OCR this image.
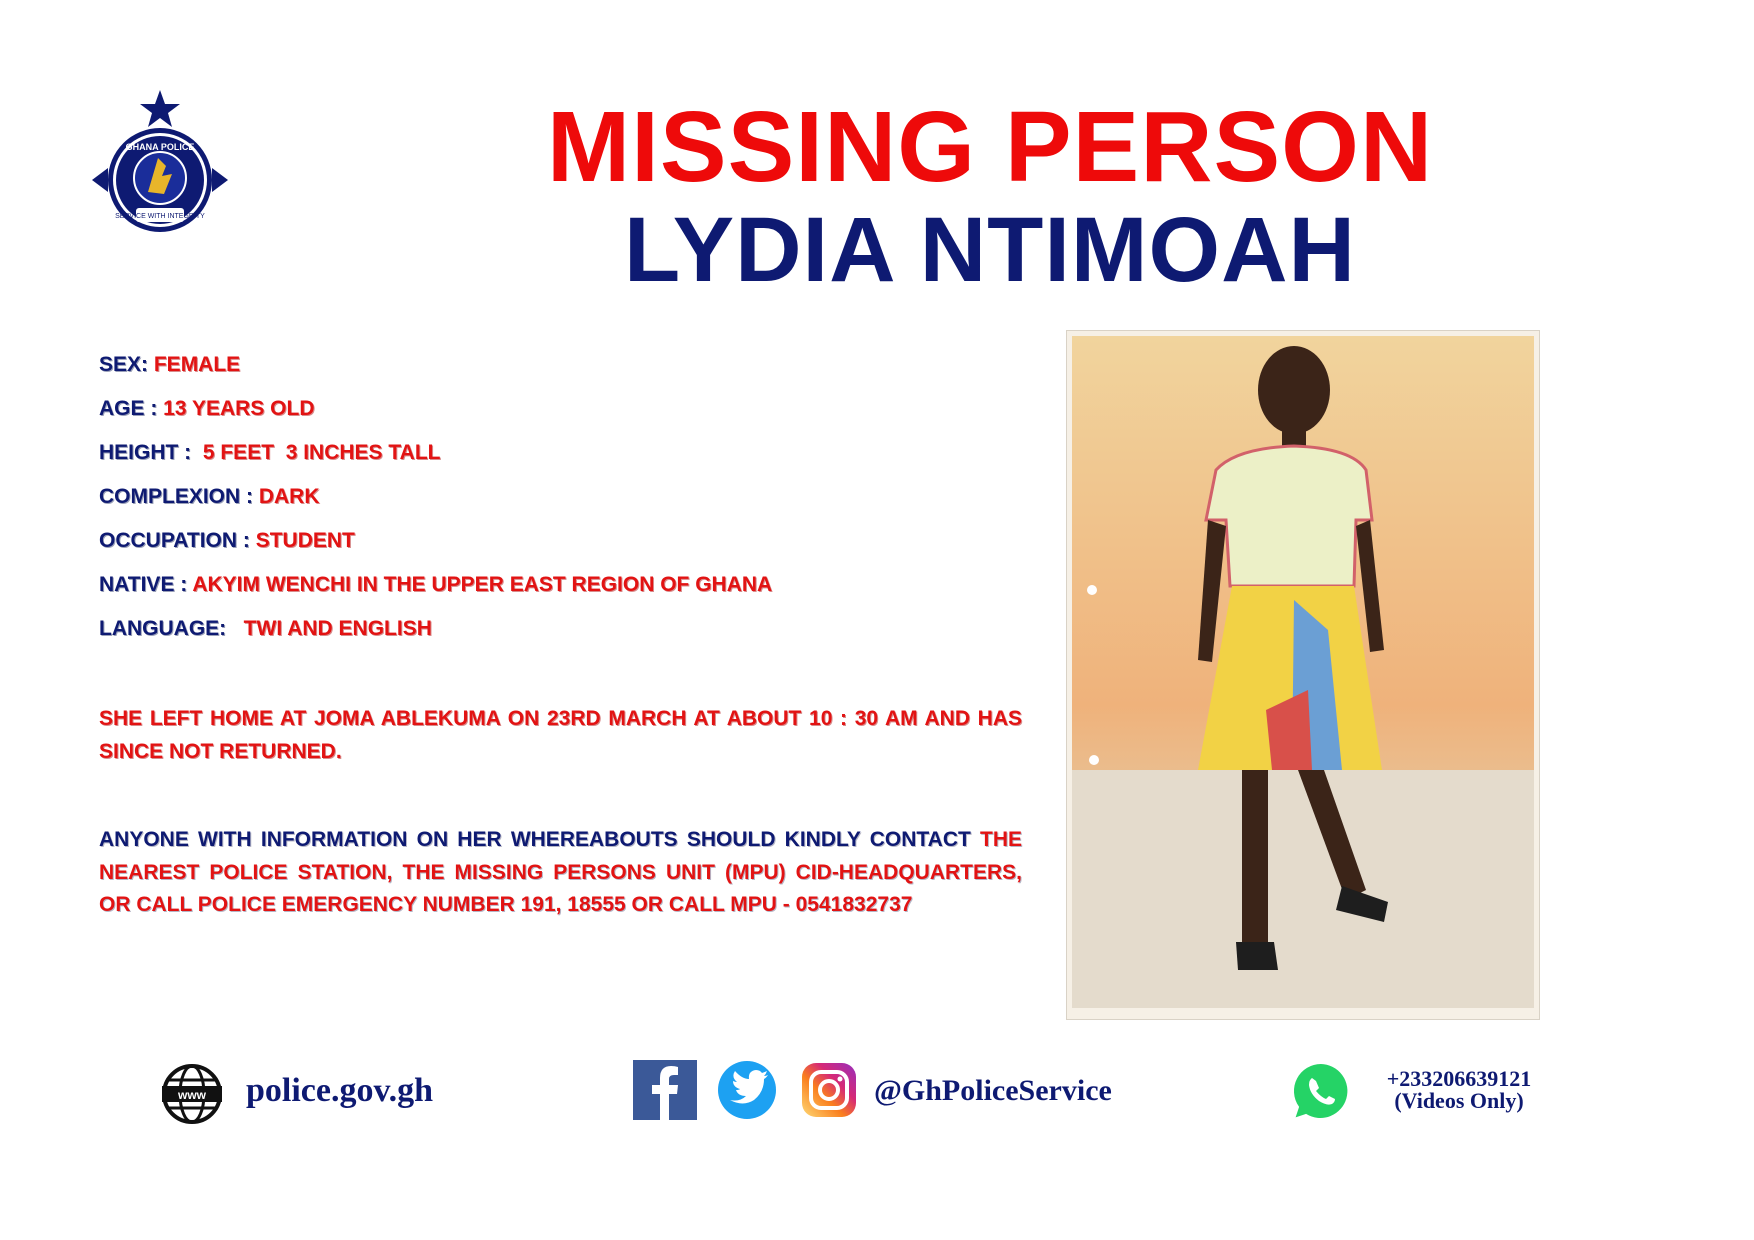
SERVICE WITH INTEGRITY
GHANA POLICE	MISSING PERSON
LYDIA NTIMOAH
SEX: FEMALE
AGE : 13 YEARS OLD
HEIGHT :  5 FEET  3 INCHES TALL
COMPLEXION : DARK
OCCUPATION : STUDENT
NATIVE : AKYIM WENCHI IN THE UPPER EAST REGION OF GHANA
LANGUAGE:   TWI AND ENGLISH
SHE LEFT HOME AT JOMA ABLEKUMA ON 23RD MARCH AT ABOUT 10 : 30 AM AND HAS SINCE NOT RETURNED.
ANYONE WITH INFORMATION ON HER WHEREABOUTS SHOULD KINDLY CONTACT THE NEAREST POLICE STATION, THE MISSING PERSONS UNIT (MPU) CID-HEADQUARTERS, OR CALL POLICE EMERGENCY NUMBER 191, 18555 OR CALL MPU - 0541832737
www police.gov.gh	@GhPoliceService	+233206639121
(Videos Only)
